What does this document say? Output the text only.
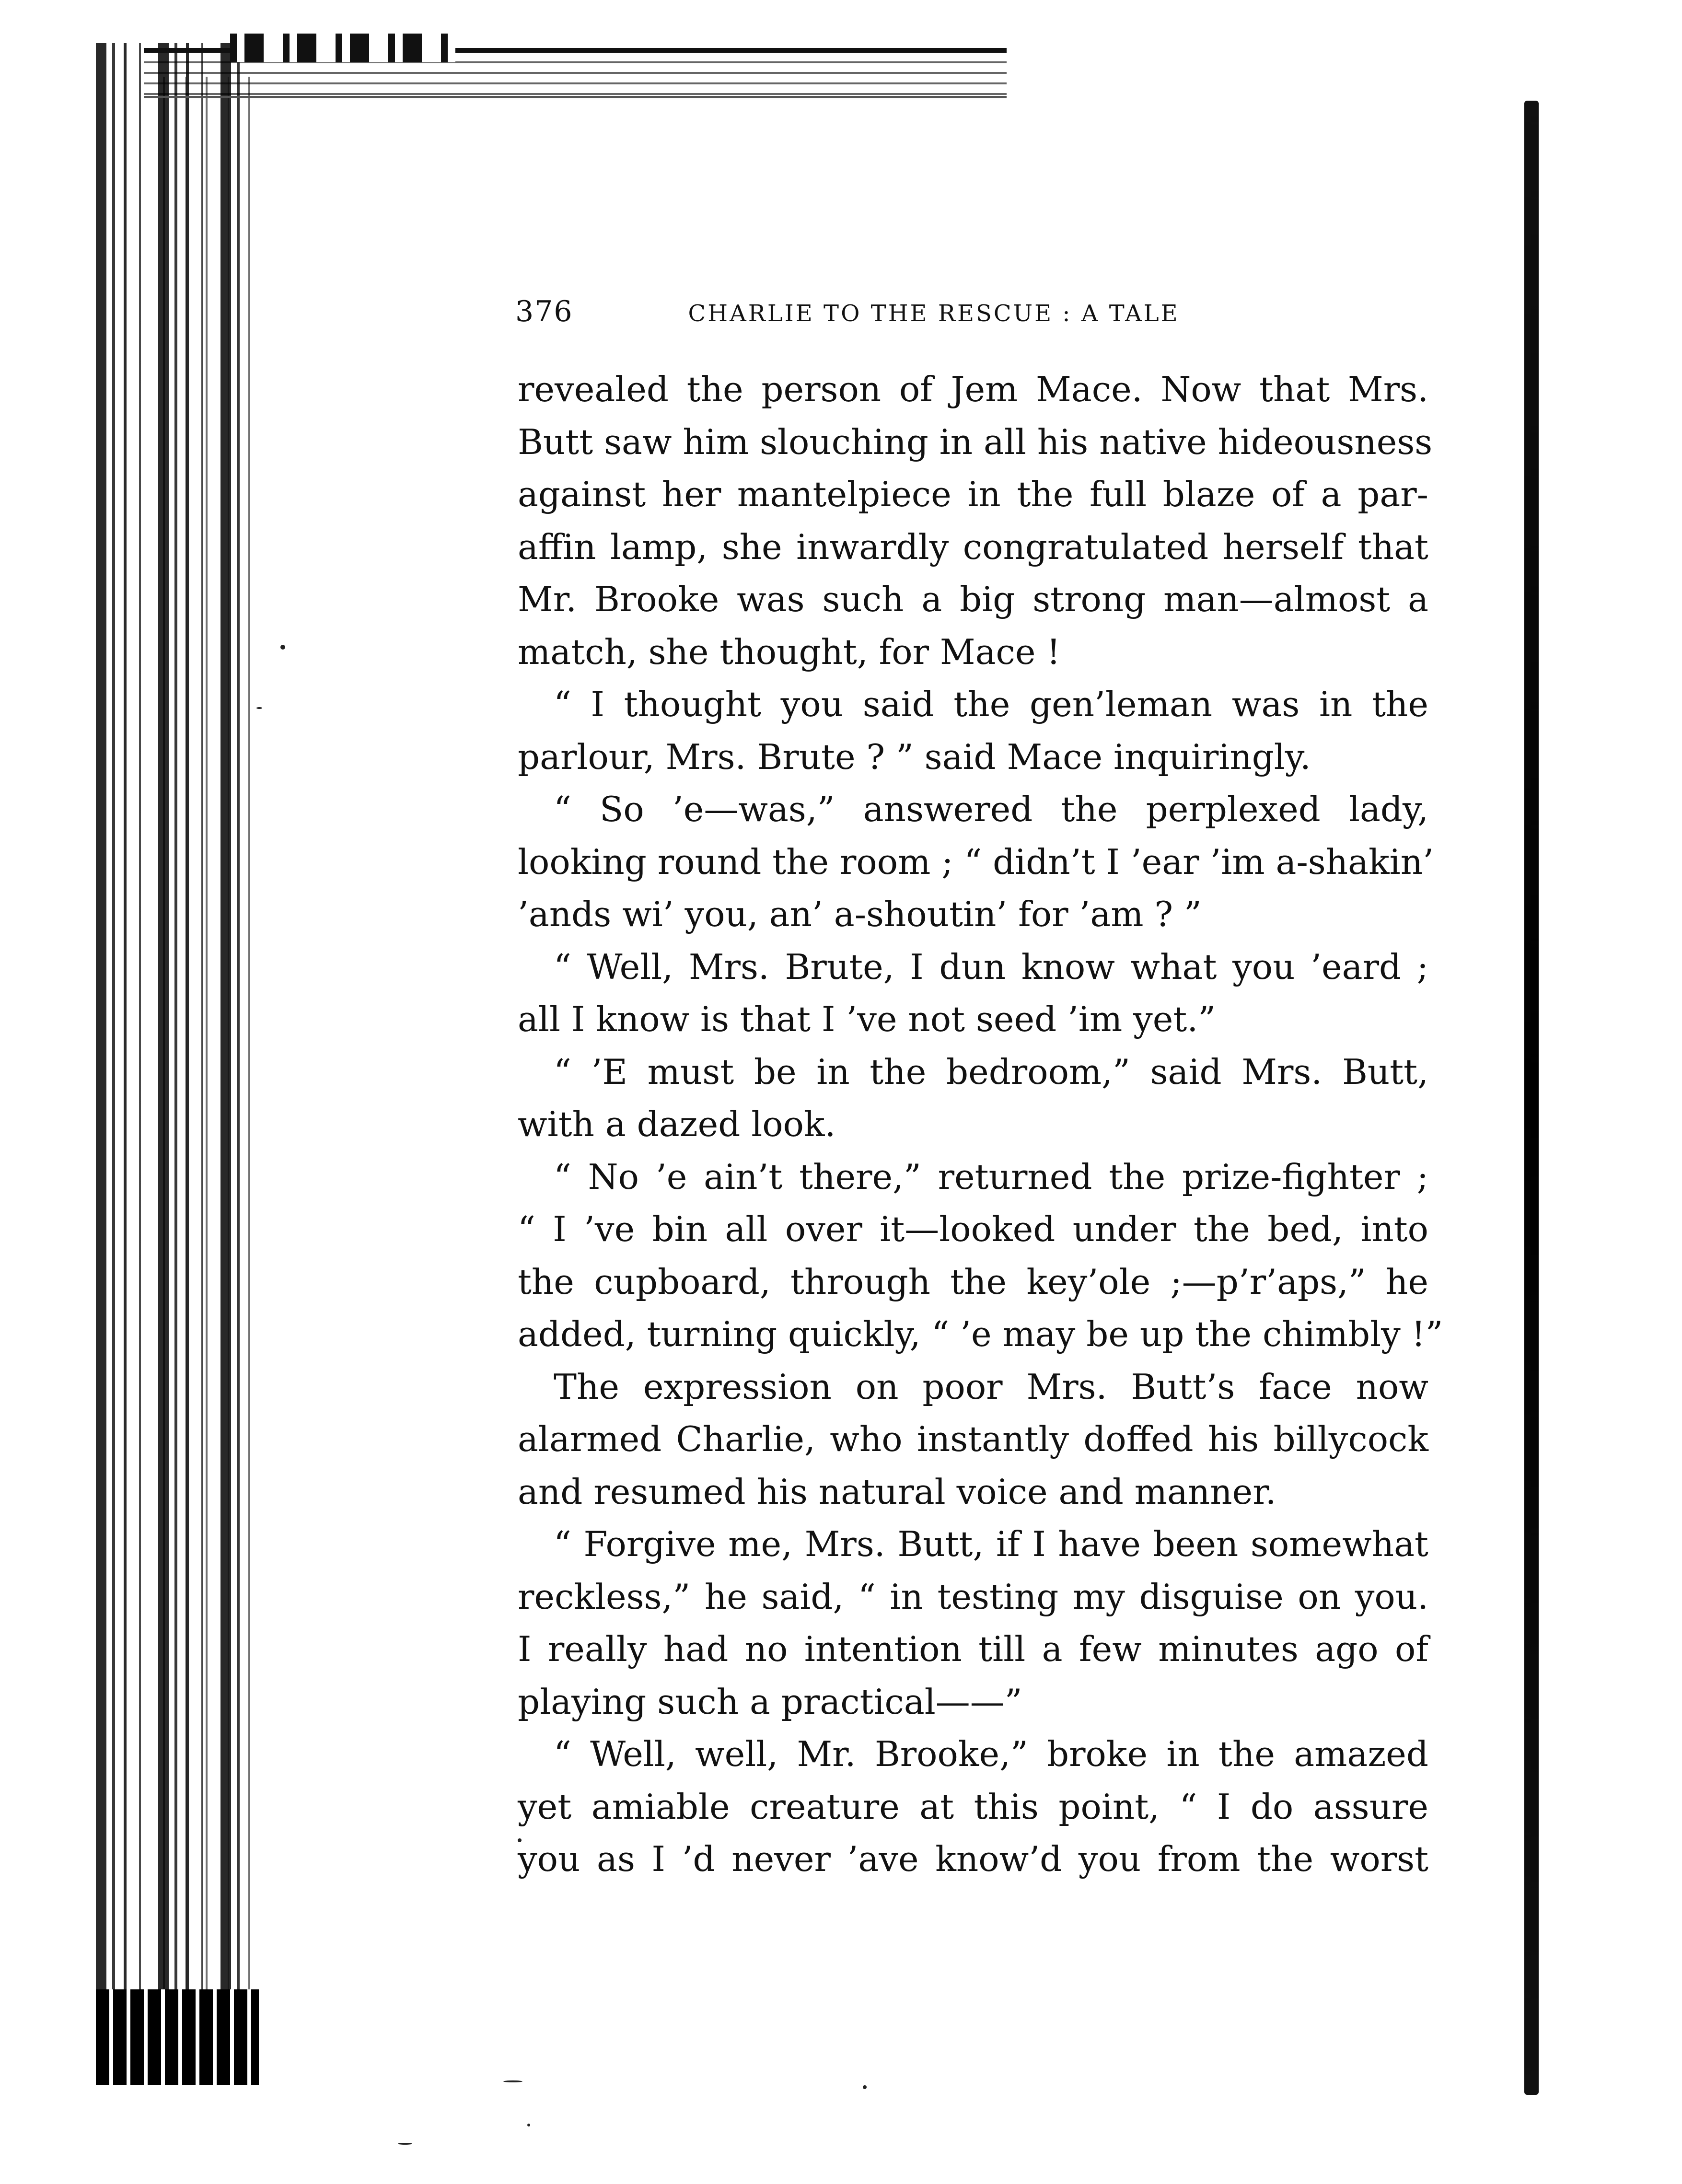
376	CHARLIE TO THE RESCUE : A TALE
revealed the person of Jem Mace. Now that Mrs.
Butt saw him slouching in all his native hideousness
against her mantelpiece in the full blaze of a par-
affin lamp, she inwardly congratulated herself that
Mr. Brooke was such a big strong man—almost a
match, she thought, for Mace !
“ I thought you said the gen’leman was in the
parlour, Mrs. Brute ? ” said Mace inquiringly.
“ So ’e—was,” answered the perplexed lady,
looking round the room ; “ didn’t I ’ear ’im a-shakin’
’ands wi’ you, an’ a-shoutin’ for ’am ? ”
“ Well, Mrs. Brute, I dun know what you ’eard ;
all I know is that I ’ve not seed ’im yet.”
“ ’E must be in the bedroom,” said Mrs. Butt,
with a dazed look.
“ No ’e ain’t there,” returned the prize-fighter ;
“ I ’ve bin all over it—looked under the bed, into
the cupboard, through the key’ole ;—p’r’aps,” he
added, turning quickly, “ ’e may be up the chimbly !”
The expression on poor Mrs. Butt’s face now
alarmed Charlie, who instantly doffed his billycock
and resumed his natural voice and manner.
“ Forgive me, Mrs. Butt, if I have been somewhat
reckless,” he said, “ in testing my disguise on you.
I really had no intention till a few minutes ago of
playing such a practical——”
“ Well, well, Mr. Brooke,” broke in the amazed
yet amiable creature at this point, “ I do assure
you as I ’d never ’ave know’d you from the worst
